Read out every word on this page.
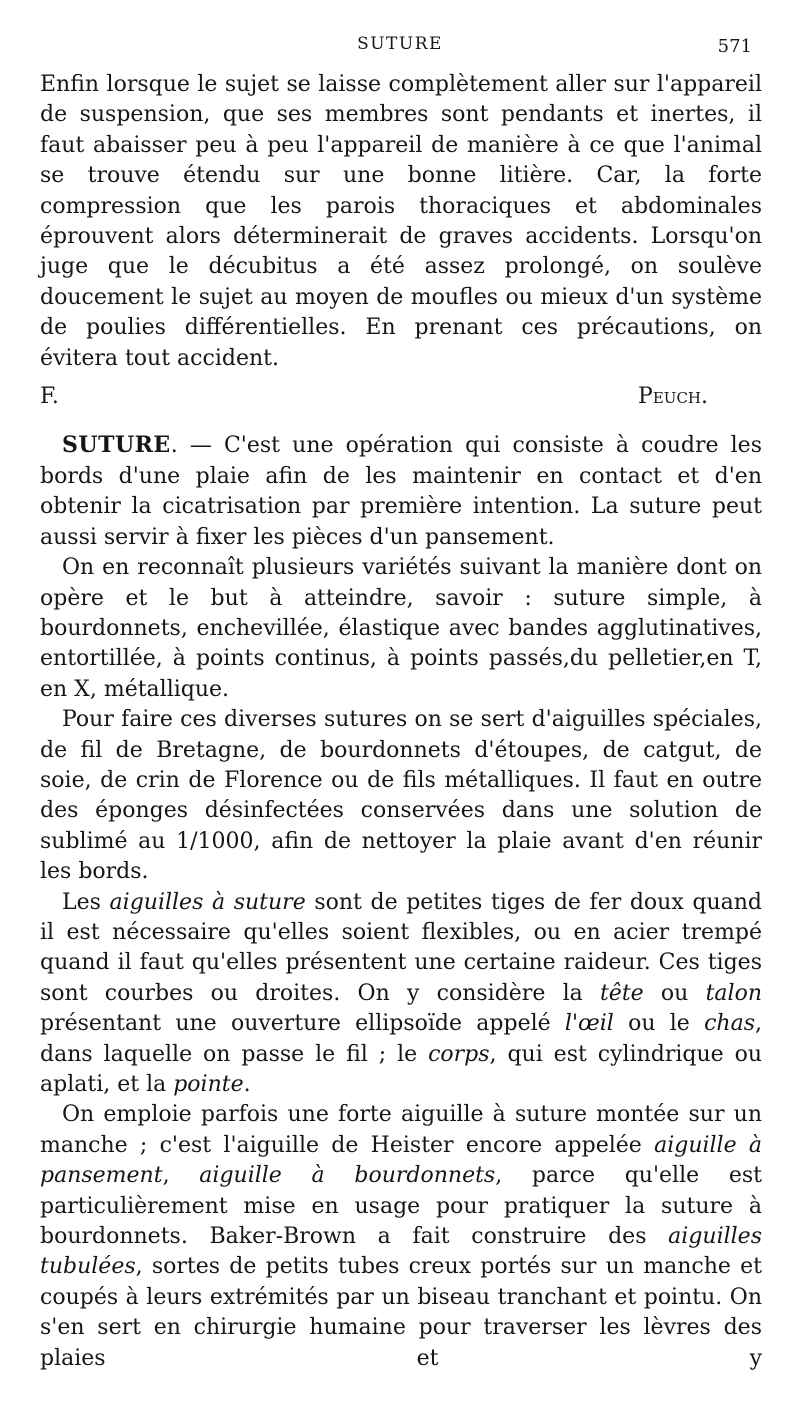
SUTURE	571

Enfin lorsque le sujet se laisse complètement aller sur l'appareil de suspension, que ses membres sont pendants et inertes, il faut abaisser peu à peu l'appareil de manière à ce que l'animal se trouve étendu sur une bonne litière. Car, la forte compression que les parois thoraciques et abdominales éprouvent alors déterminerait de graves accidents. Lorsqu'on juge que le décubitus a été assez prolongé, on soulève doucement le sujet au moyen de moufles ou mieux d'un système de poulies différentielles. En prenant ces précautions, on évitera tout accident.

F. Peuch.

SUTURE. — C'est une opération qui consiste à coudre les bords d'une plaie afin de les maintenir en contact et d'en obtenir la cicatrisation par première intention. La suture peut aussi servir à fixer les pièces d'un pansement.

On en reconnaît plusieurs variétés suivant la manière dont on opère et le but à atteindre, savoir : suture simple, à bourdonnets, enchevillée, élastique avec bandes agglutinatives, entortillée, à points continus, à points passés,du pelletier,en T, en X, métallique.

Pour faire ces diverses sutures on se sert d'aiguilles spéciales, de fil de Bretagne, de bourdonnets d'étoupes, de catgut, de soie, de crin de Florence ou de fils métalliques. Il faut en outre des éponges désinfectées conservées dans une solution de sublimé au 1/1000, afin de nettoyer la plaie avant d'en réunir les bords.

Les aiguilles à suture sont de petites tiges de fer doux quand il est nécessaire qu'elles soient flexibles, ou en acier trempé quand il faut qu'elles présentent une certaine raideur. Ces tiges sont courbes ou droites. On y considère la tête ou talon présentant une ouverture ellipsoïde appelé l'œil ou le chas, dans laquelle on passe le fil ; le corps, qui est cylindrique ou aplati, et la pointe.

On emploie parfois une forte aiguille à suture montée sur un manche ; c'est l'aiguille de Heister encore appelée aiguille à pansement, aiguille à bourdonnets, parce qu'elle est particulièrement mise en usage pour pratiquer la suture à bourdonnets. Baker-Brown a fait construire des aiguilles tubulées, sortes de petits tubes creux portés sur un manche et coupés à leurs extrémités par un biseau tranchant et pointu. On s'en sert en chirurgie humaine pour traverser les lèvres des plaies et y
